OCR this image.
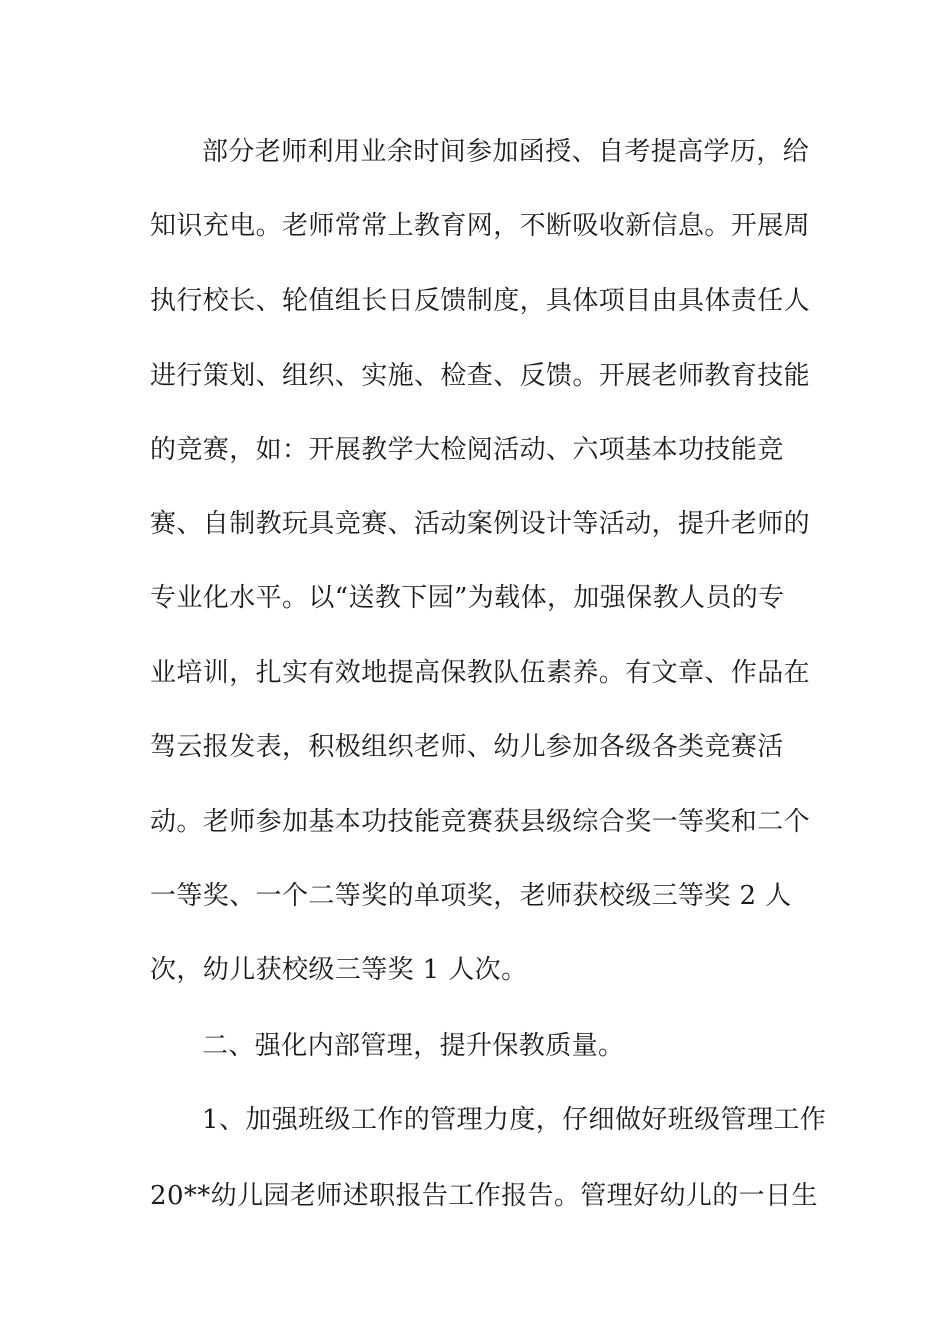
部分老师利用业余时间参加函授、自考提高学历，给
知识充电。老师常常上教育网，不断吸收新信息。开展周
执行校长、轮值组长日反馈制度，具体项目由具体责任人
进行策划、组织、实施、检查、反馈。开展老师教育技能
的竞赛，如：开展教学大检阅活动、六项基本功技能竞
赛、自制教玩具竞赛、活动案例设计等活动，提升老师的
专业化水平。以“送教下园”为载体，加强保教人员的专
业培训，扎实有效地提高保教队伍素养。有文章、作品在
驾云报发表，积极组织老师、幼儿参加各级各类竞赛活
动。老师参加基本功技能竞赛获县级综合奖一等奖和二个
一等奖、一个二等奖的单项奖，老师获校级三等奖 2 人
次，幼儿获校级三等奖 1 人次。
二、强化内部管理，提升保教质量。
1、加强班级工作的管理力度，仔细做好班级管理工作
20**幼儿园老师述职报告工作报告。管理好幼儿的一日生
